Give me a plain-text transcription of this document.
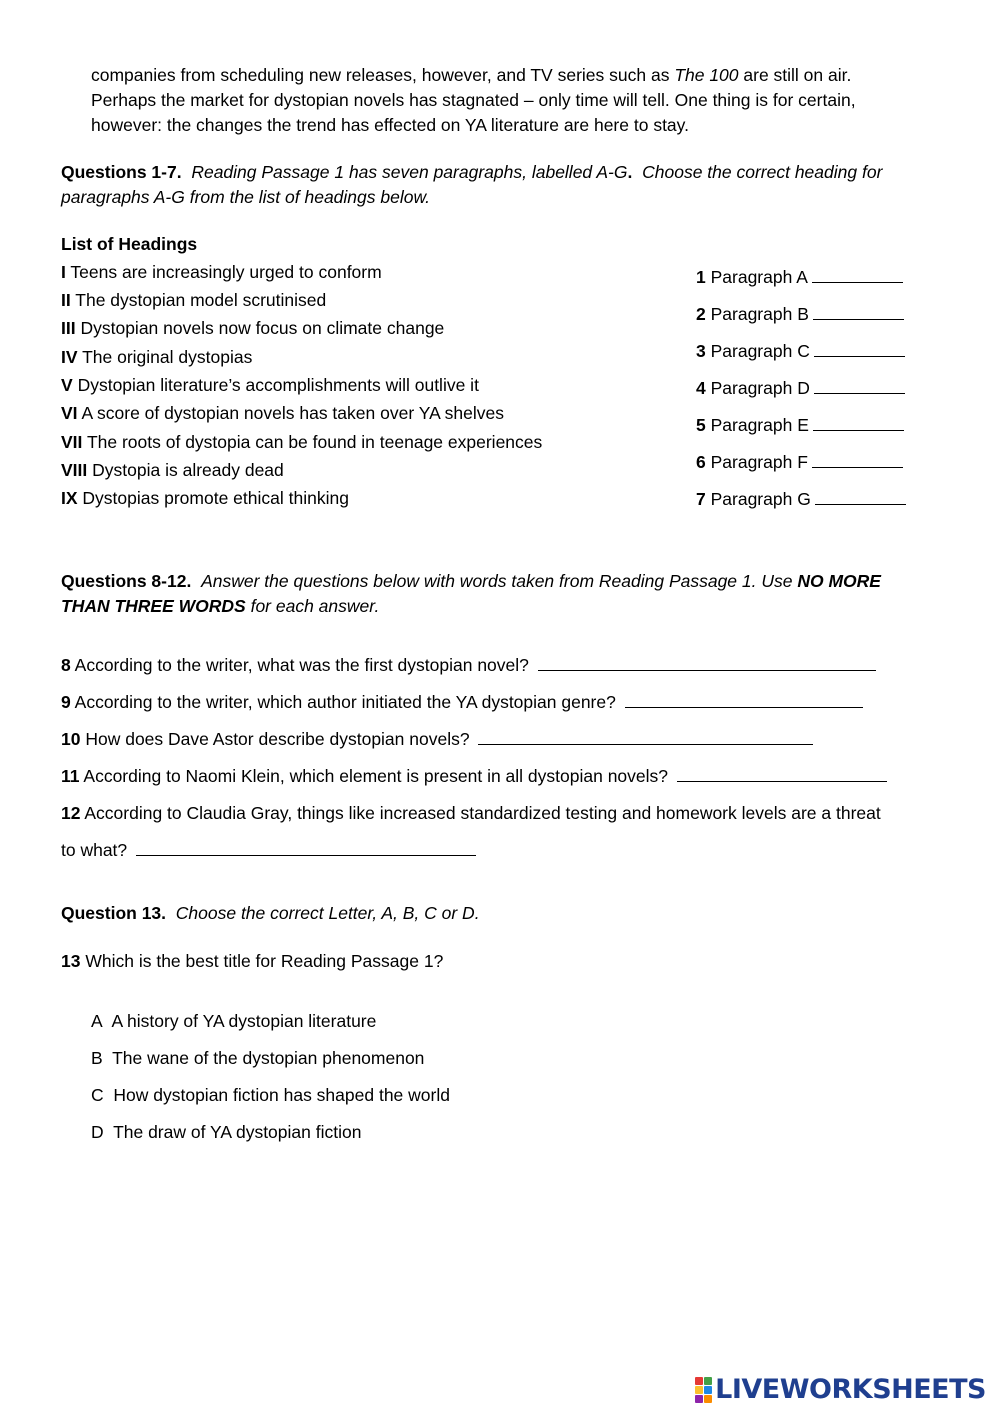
companies from scheduling new releases, however, and TV series such as The 100 are still on air.
Perhaps the market for dystopian novels has stagnated – only time will tell. One thing is for certain,
however: the changes the trend has effected on YA literature are here to stay.
Questions 1-7. Reading Passage 1 has seven paragraphs, labelled A-G. Choose the correct heading for
paragraphs A-G from the list of headings below.
List of Headings
I Teens are increasingly urged to conform
II The dystopian model scrutinised
III Dystopian novels now focus on climate change
IV The original dystopias
V Dystopian literature’s accomplishments will outlive it
VI A score of dystopian novels has taken over YA shelves
VII The roots of dystopia can be found in teenage experiences
VIII Dystopia is already dead
IX Dystopias promote ethical thinking
1 Paragraph A
2 Paragraph B
3 Paragraph C
4 Paragraph D
5 Paragraph E
6 Paragraph F
7 Paragraph G
Questions 8-12. Answer the questions below with words taken from Reading Passage 1. Use NO MORE
THAN THREE WORDS for each answer.
8 According to the writer, what was the first dystopian novel?
9 According to the writer, which author initiated the YA dystopian genre?
10 How does Dave Astor describe dystopian novels?
11 According to Naomi Klein, which element is present in all dystopian novels?
12 According to Claudia Gray, things like increased standardized testing and homework levels are a threat
to what?
Question 13. Choose the correct Letter, A, B, C or D.
13 Which is the best title for Reading Passage 1?
A A history of YA dystopian literature
B The wane of the dystopian phenomenon
C How dystopian fiction has shaped the world
D The draw of YA dystopian fiction
LIVEWORKSHEETS
